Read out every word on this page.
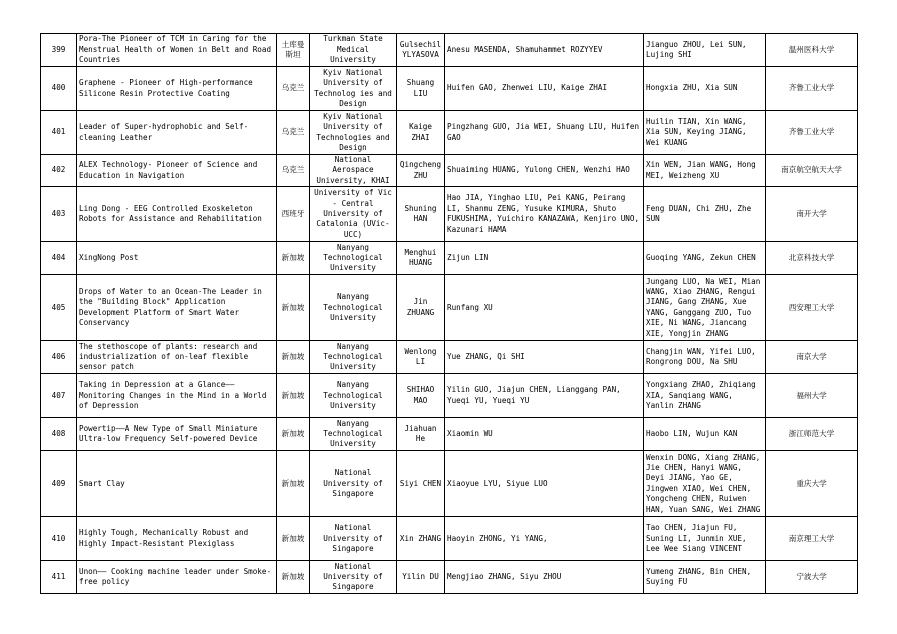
399	Pora-The Pioneer of TCM in Caring for the Menstrual Health of Women in Belt and Road Countries	土库曼斯坦	Turkman State Medical University	Gulsechil YLYASOVA	Anesu MASENDA, Shamuhammet ROZYYEV	Jianguo ZHOU, Lei SUN, Lujing SHI	温州医科大学
400	Graphene - Pioneer of High-performance Silicone Resin Protective Coating	乌克兰	Kyiv National University of Technolog ies and Design	Shuang LIU	Huifen GAO, Zhenwei LIU, Kaige ZHAI	Hongxia ZHU, Xia SUN	齐鲁工业大学
401	Leader of Super-hydrophobic and Self-cleaning Leather	乌克兰	Kyiv National University of Technologies and Design	Kaige ZHAI	Pingzhang GUO, Jia WEI, Shuang LIU, Huifen GAO	Huilin TIAN, Xin WANG, Xia SUN, Keying JIANG, Wei KUANG	齐鲁工业大学
402	ALEX Technology- Pioneer of Science and Education in Navigation	乌克兰	National Aerospace University, KHAI	Qingcheng ZHU	Shuaiming HUANG, Yulong CHEN, Wenzhi HAO	Xin WEN, Jian WANG, Hong MEI, Weizheng XU	南京航空航天大学
403	Ling Dong - EEG Controlled Exoskeleton Robots for Assistance and Rehabilitation	西班牙	University of Vic - Central University of Catalonia (UVic-UCC)	Shuning HAN	Hao JIA, Yinghao LIU, Pei KANG, Peirang LI, Shanmu ZENG, Yusuke KIMURA, Shuto FUKUSHIMA, Yuichiro KANAZAWA, Kenjiro UNO, Kazunari HAMA	Feng DUAN, Chi ZHU, Zhe SUN	南开大学
404	XingNong Post	新加坡	Nanyang Technological University	Menghui HUANG	Zijun LIN	Guoqing YANG, Zekun CHEN	北京科技大学
405	Drops of Water to an Ocean-The Leader in the "Building Block" Application Development Platform of Smart Water Conservancy	新加坡	Nanyang Technological University	Jin ZHUANG	Runfang XU	Jungang LUO, Na WEI, Mian WANG, Xiao ZHANG, Rengui JIANG, Gang ZHANG, Xue YANG, Ganggang ZUO, Tuo XIE, Ni WANG, Jiancang XIE, Yongjin ZHANG	西安理工大学
406	The stethoscope of plants: research and industrialization of on-leaf flexible sensor patch	新加坡	Nanyang Technological University	Wenlong LI	Yue ZHANG, Qi SHI	Changjin WAN, Yifei LUO, Rongrong DOU, Na SHU	南京大学
407	Taking in Depression at a Glance——Monitoring Changes in the Mind in a World of Depression	新加坡	Nanyang Technological University	SHIHAO MAO	Yilin GUO, Jiajun CHEN, Lianggang PAN, Yueqi YU, Yueqi YU	Yongxiang ZHAO, Zhiqiang XIA, Sanqiang WANG, Yanlin ZHANG	福州大学
408	Powertip——A New Type of Small Miniature Ultra-low Frequency Self-powered Device	新加坡	Nanyang Technological University	Jiahuan He	Xiaomin WU	Haobo LIN, Wujun KAN	浙江师范大学
409	Smart Clay	新加坡	National University of Singapore	Siyi CHEN	Xiaoyue LYU, Siyue LUO	Wenxin DONG, Xiang ZHANG, Jie CHEN, Hanyi WANG, Deyi JIANG, Yao GE, Jingwen XIAO, Wei CHEN, Yongcheng CHEN, Ruiwen HAN, Yuan SANG, Wei ZHANG	重庆大学
410	Highly Tough, Mechanically Robust and Highly Impact-Resistant Plexiglass	新加坡	National University of Singapore	Xin ZHANG	Haoyin ZHONG, Yi YANG,	Tao CHEN, Jiajun FU, Suning LI, Junmin XUE, Lee Wee Siang VINCENT	南京理工大学
411	Unon—— Cooking machine leader under Smoke-free policy	新加坡	National University of Singapore	Yilin DU	Mengjiao ZHANG, Siyu ZHOU	Yumeng ZHANG, Bin CHEN, Suying FU	宁波大学
